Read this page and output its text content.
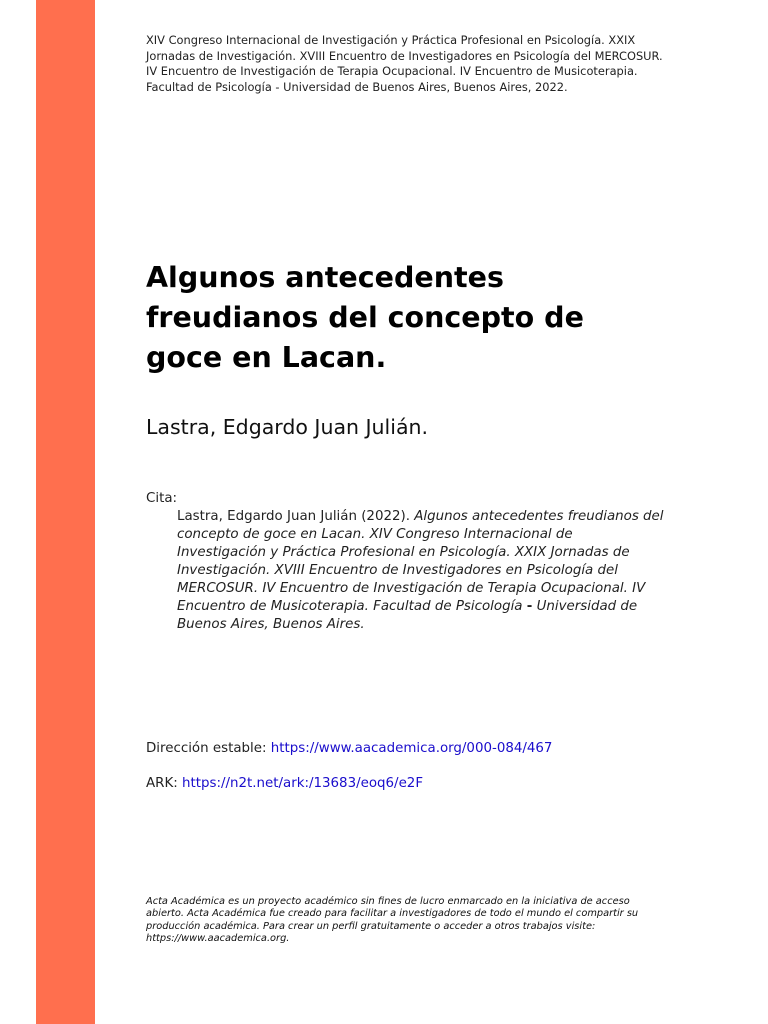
XIV Congreso Internacional de Investigación y Práctica Profesional en Psicología. XXIX
Jornadas de Investigación. XVIII Encuentro de Investigadores en Psicología del MERCOSUR.
IV Encuentro de Investigación de Terapia Ocupacional. IV Encuentro de Musicoterapia.
Facultad de Psicología - Universidad de Buenos Aires, Buenos Aires, 2022.
Algunos antecedentes
freudianos del concepto de
goce en Lacan.
Lastra, Edgardo Juan Julián.
Cita:
Lastra, Edgardo Juan Julián (2022). Algunos antecedentes freudianos del
concepto de goce en Lacan. XIV Congreso Internacional de
Investigación y Práctica Profesional en Psicología. XXIX Jornadas de
Investigación. XVIII Encuentro de Investigadores en Psicología del
MERCOSUR. IV Encuentro de Investigación de Terapia Ocupacional. IV
Encuentro de Musicoterapia. Facultad de Psicología - Universidad de
Buenos Aires, Buenos Aires.
Dirección estable: https://www.aacademica.org/000-084/467
ARK: https://n2t.net/ark:/13683/eoq6/e2F
Acta Académica es un proyecto académico sin fines de lucro enmarcado en la iniciativa de acceso
abierto. Acta Académica fue creado para facilitar a investigadores de todo el mundo el compartir su
producción académica. Para crear un perfil gratuitamente o acceder a otros trabajos visite:
https://www.aacademica.org.
